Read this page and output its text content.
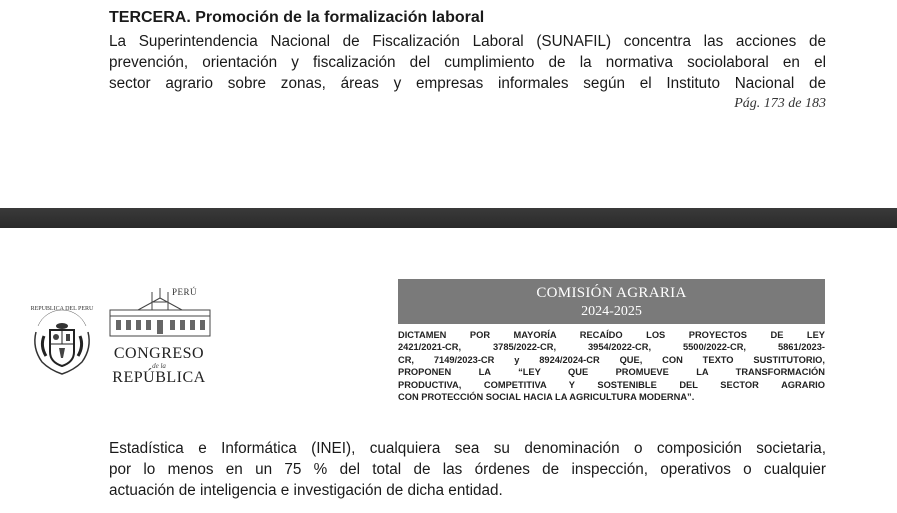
TERCERA. Promoción de la formalización laboral
La Superintendencia Nacional de Fiscalización Laboral (SUNAFIL) concentra las acciones de
prevención, orientación y fiscalización del cumplimiento de la normativa sociolaboral en el
sector agrario sobre zonas, áreas y empresas informales según el Instituto Nacional de
Pág. 173 de 183
REPUBLICA DEL PERU
PERÚ
CONGRESO
de la
REPÚBLICA
COMISIÓN AGRARIA
2024-2025
DICTAMEN POR MAYORÍA RECAÍDO LOS PROYECTOS DE LEY
2421/2021-CR, 3785/2022-CR, 3954/2022-CR, 5500/2022-CR, 5861/2023-
CR, 7149/2023-CR y 8924/2024-CR QUE, CON TEXTO SUSTITUTORIO,
PROPONEN LA “LEY QUE PROMUEVE LA TRANSFORMACIÓN
PRODUCTIVA, COMPETITIVA Y SOSTENIBLE DEL SECTOR AGRARIO
CON PROTECCIÓN SOCIAL HACIA LA AGRICULTURA MODERNA”.
Estadística e Informática (INEI), cualquiera sea su denominación o composición societaria,
por lo menos en un 75 % del total de las órdenes de inspección, operativos o cualquier
actuación de inteligencia e investigación de dicha entidad.
